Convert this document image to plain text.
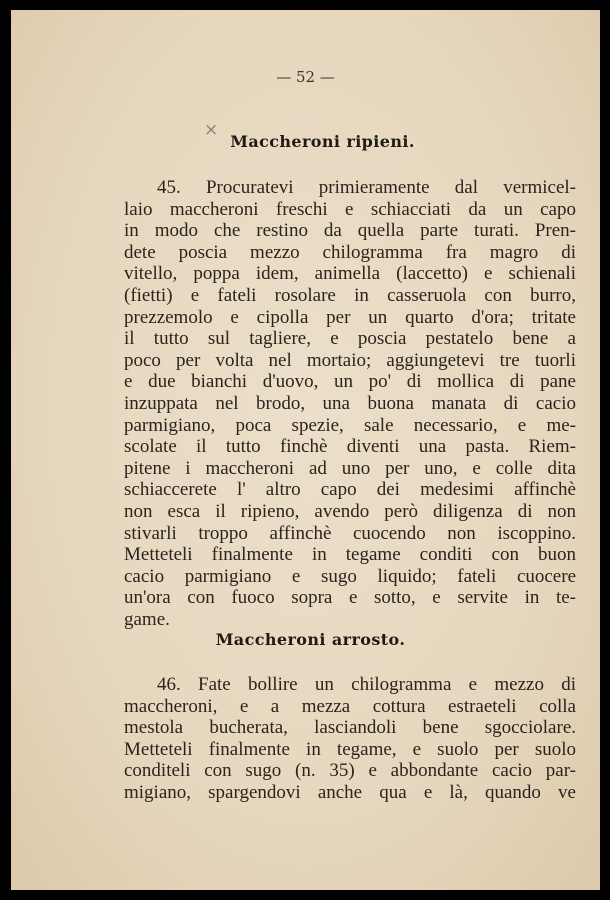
— 52 —
×
Maccheroni ripieni.

45. Procuratevi primieramente dal vermicel-
laio maccheroni freschi e schiacciati da un capo
in modo che restino da quella parte turati. Pren-
dete poscia mezzo chilogramma fra magro di
vitello, poppa idem, animella (laccetto) e schienali
(fietti) e fateli rosolare in casseruola con burro,
prezzemolo e cipolla per un quarto d'ora; tritate
il tutto sul tagliere, e poscia pestatelo bene a
poco per volta nel mortaio; aggiungetevi tre tuorli
e due bianchi d'uovo, un po' di mollica di pane
inzuppata nel brodo, una buona manata di cacio
parmigiano, poca spezie, sale necessario, e me-
scolate il tutto finchè diventi una pasta. Riem-
pitene i maccheroni ad uno per uno, e colle dita
schiaccerete l' altro capo dei medesimi affinchè
non esca il ripieno, avendo però diligenza di non
stivarli troppo affinchè cuocendo non iscoppino.
Metteteli finalmente in tegame conditi con buon
cacio parmigiano e sugo liquido; fateli cuocere
un'ora con fuoco sopra e sotto, e servite in te-
game.

Maccheroni arrosto.

46. Fate bollire un chilogramma e mezzo di
maccheroni, e a mezza cottura estraeteli colla
mestola bucherata, lasciandoli bene sgocciolare.
Metteteli finalmente in tegame, e suolo per suolo
conditeli con sugo (n. 35) e abbondante cacio par-
migiano, spargendovi anche qua e là, quando ve
